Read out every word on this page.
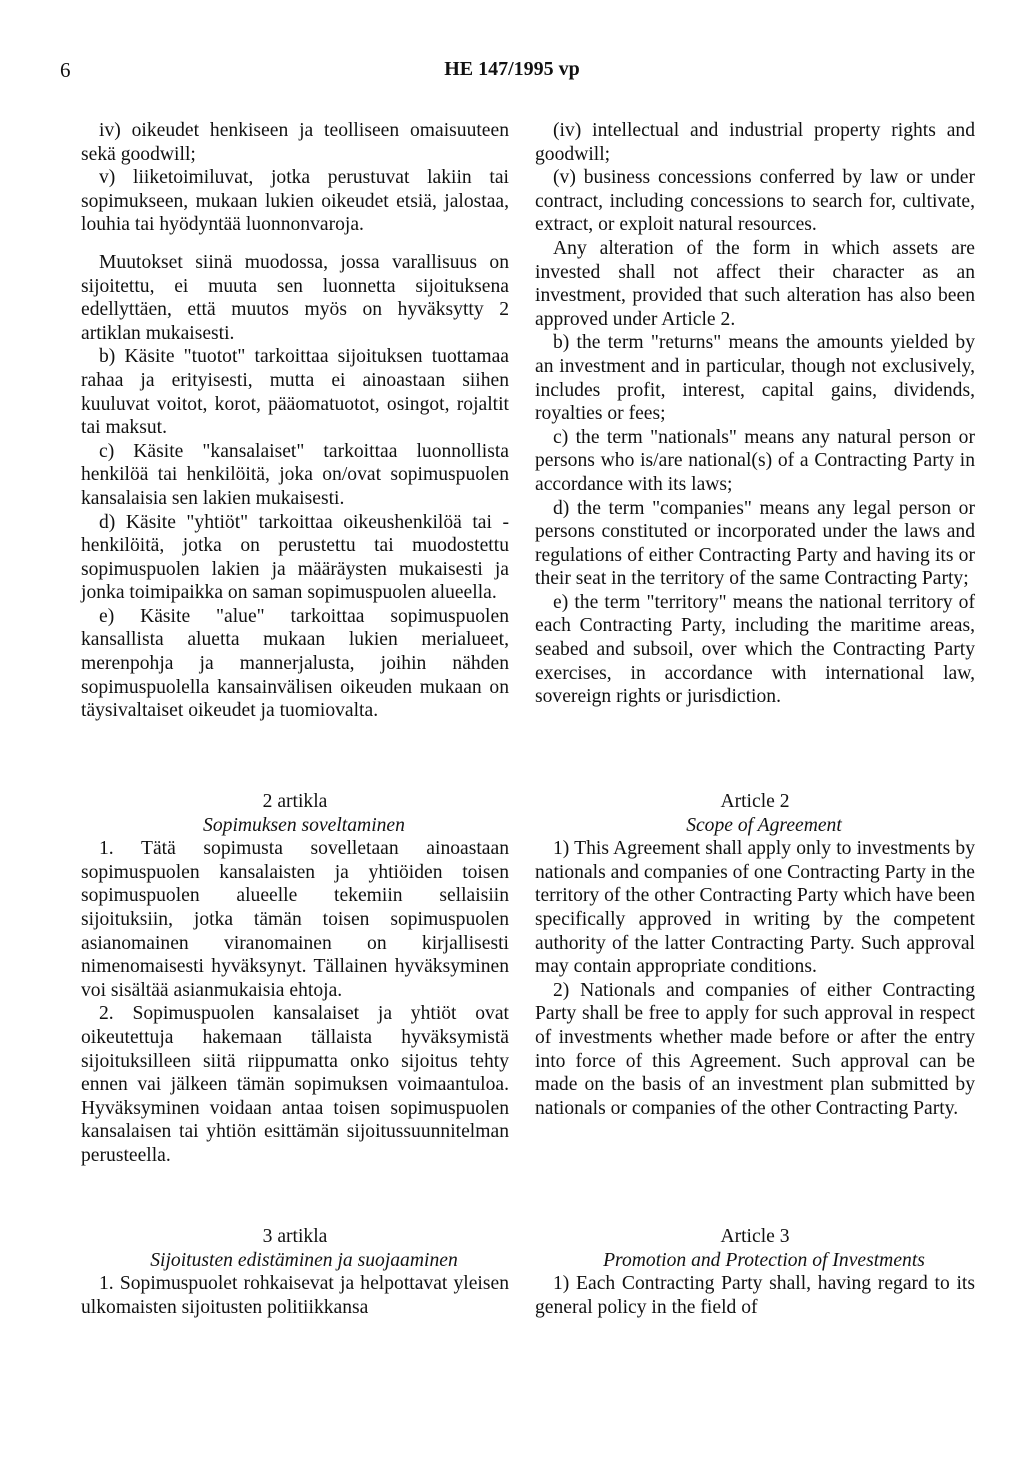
6	HE 147/1995 vp

iv) oikeudet henkiseen ja teolliseen omaisuuteen sekä goodwill;

v) liiketoimiluvat, jotka perustuvat lakiin tai sopimukseen, mukaan lukien oikeudet etsiä, jalostaa, louhia tai hyödyntää luonnonvaroja.

Muutokset siinä muodossa, jossa varallisuus on sijoitettu, ei muuta sen luonnetta sijoituksena edellyttäen, että muutos myös on hyväksytty 2 artiklan mukaisesti.

b) Käsite "tuotot" tarkoittaa sijoituksen tuottamaa rahaa ja erityisesti, mutta ei ainoastaan siihen kuuluvat voitot, korot, pääomatuotot, osingot, rojaltit tai maksut.

c) Käsite "kansalaiset" tarkoittaa luonnollista henkilöä tai henkilöitä, joka on/ovat sopimuspuolen kansalaisia sen lakien mukaisesti.

d) Käsite "yhtiöt" tarkoittaa oikeushenkilöä tai -henkilöitä, jotka on perustettu tai muodostettu sopimuspuolen lakien ja määräysten mukaisesti ja jonka toimipaikka on saman sopimuspuolen alueella.

e) Käsite "alue" tarkoittaa sopimuspuolen kansallista aluetta mukaan lukien merialueet, merenpohja ja mannerjalusta, joihin nähden sopimuspuolella kansainvälisen oikeuden mukaan on täysivaltaiset oikeudet ja tuomiovalta.

2 artikla

Sopimuksen soveltaminen

1. Tätä sopimusta sovelletaan ainoastaan sopimuspuolen kansalaisten ja yhtiöiden toisen sopimuspuolen alueelle tekemiin sellaisiin sijoituksiin, jotka tämän toisen sopimuspuolen asianomainen viranomainen on kirjallisesti nimenomaisesti hyväksynyt. Tällainen hyväksyminen voi sisältää asianmukaisia ehtoja.

2. Sopimuspuolen kansalaiset ja yhtiöt ovat oikeutettuja hakemaan tällaista hyväksymistä sijoituksilleen siitä riippumatta onko sijoitus tehty ennen vai jälkeen tämän sopimuksen voimaantuloa. Hyväksyminen voidaan antaa toisen sopimuspuolen kansalaisen tai yhtiön esittämän sijoitussuunnitelman perusteella.

3 artikla

Sijoitusten edistäminen ja suojaaminen

1. Sopimuspuolet rohkaisevat ja helpottavat yleisen ulkomaisten sijoitusten politiikkansa

(iv) intellectual and industrial property rights and goodwill;

(v) business concessions conferred by law or under contract, including concessions to search for, cultivate, extract, or exploit natural resources.

Any alteration of the form in which assets are invested shall not affect their character as an investment, provided that such alteration has also been approved under Article 2.

b) the term "returns" means the amounts yielded by an investment and in particular, though not exclusively, includes profit, interest, capital gains, dividends, royalties or fees;

c) the term "nationals" means any natural person or persons who is/are national(s) of a Contracting Party in accordance with its laws;

d) the term "companies" means any legal person or persons constituted or incorporated under the laws and regulations of either Contracting Party and having its or their seat in the territory of the same Contracting Party;

e) the term "territory" means the national territory of each Contracting Party, including the maritime areas, seabed and subsoil, over which the Contracting Party exercises, in accordance with international law, sovereign rights or jurisdiction.

Article 2

Scope of Agreement

1) This Agreement shall apply only to investments by nationals and companies of one Contracting Party in the territory of the other Contracting Party which have been specifically approved in writing by the competent authority of the latter Contracting Party. Such approval may contain appropriate conditions.

2) Nationals and companies of either Contracting Party shall be free to apply for such approval in respect of investments whether made before or after the entry into force of this Agreement. Such approval can be made on the basis of an investment plan submitted by nationals or companies of the other Contracting Party.

Article 3

Promotion and Protection of Investments

1) Each Contracting Party shall, having regard to its general policy in the field of
